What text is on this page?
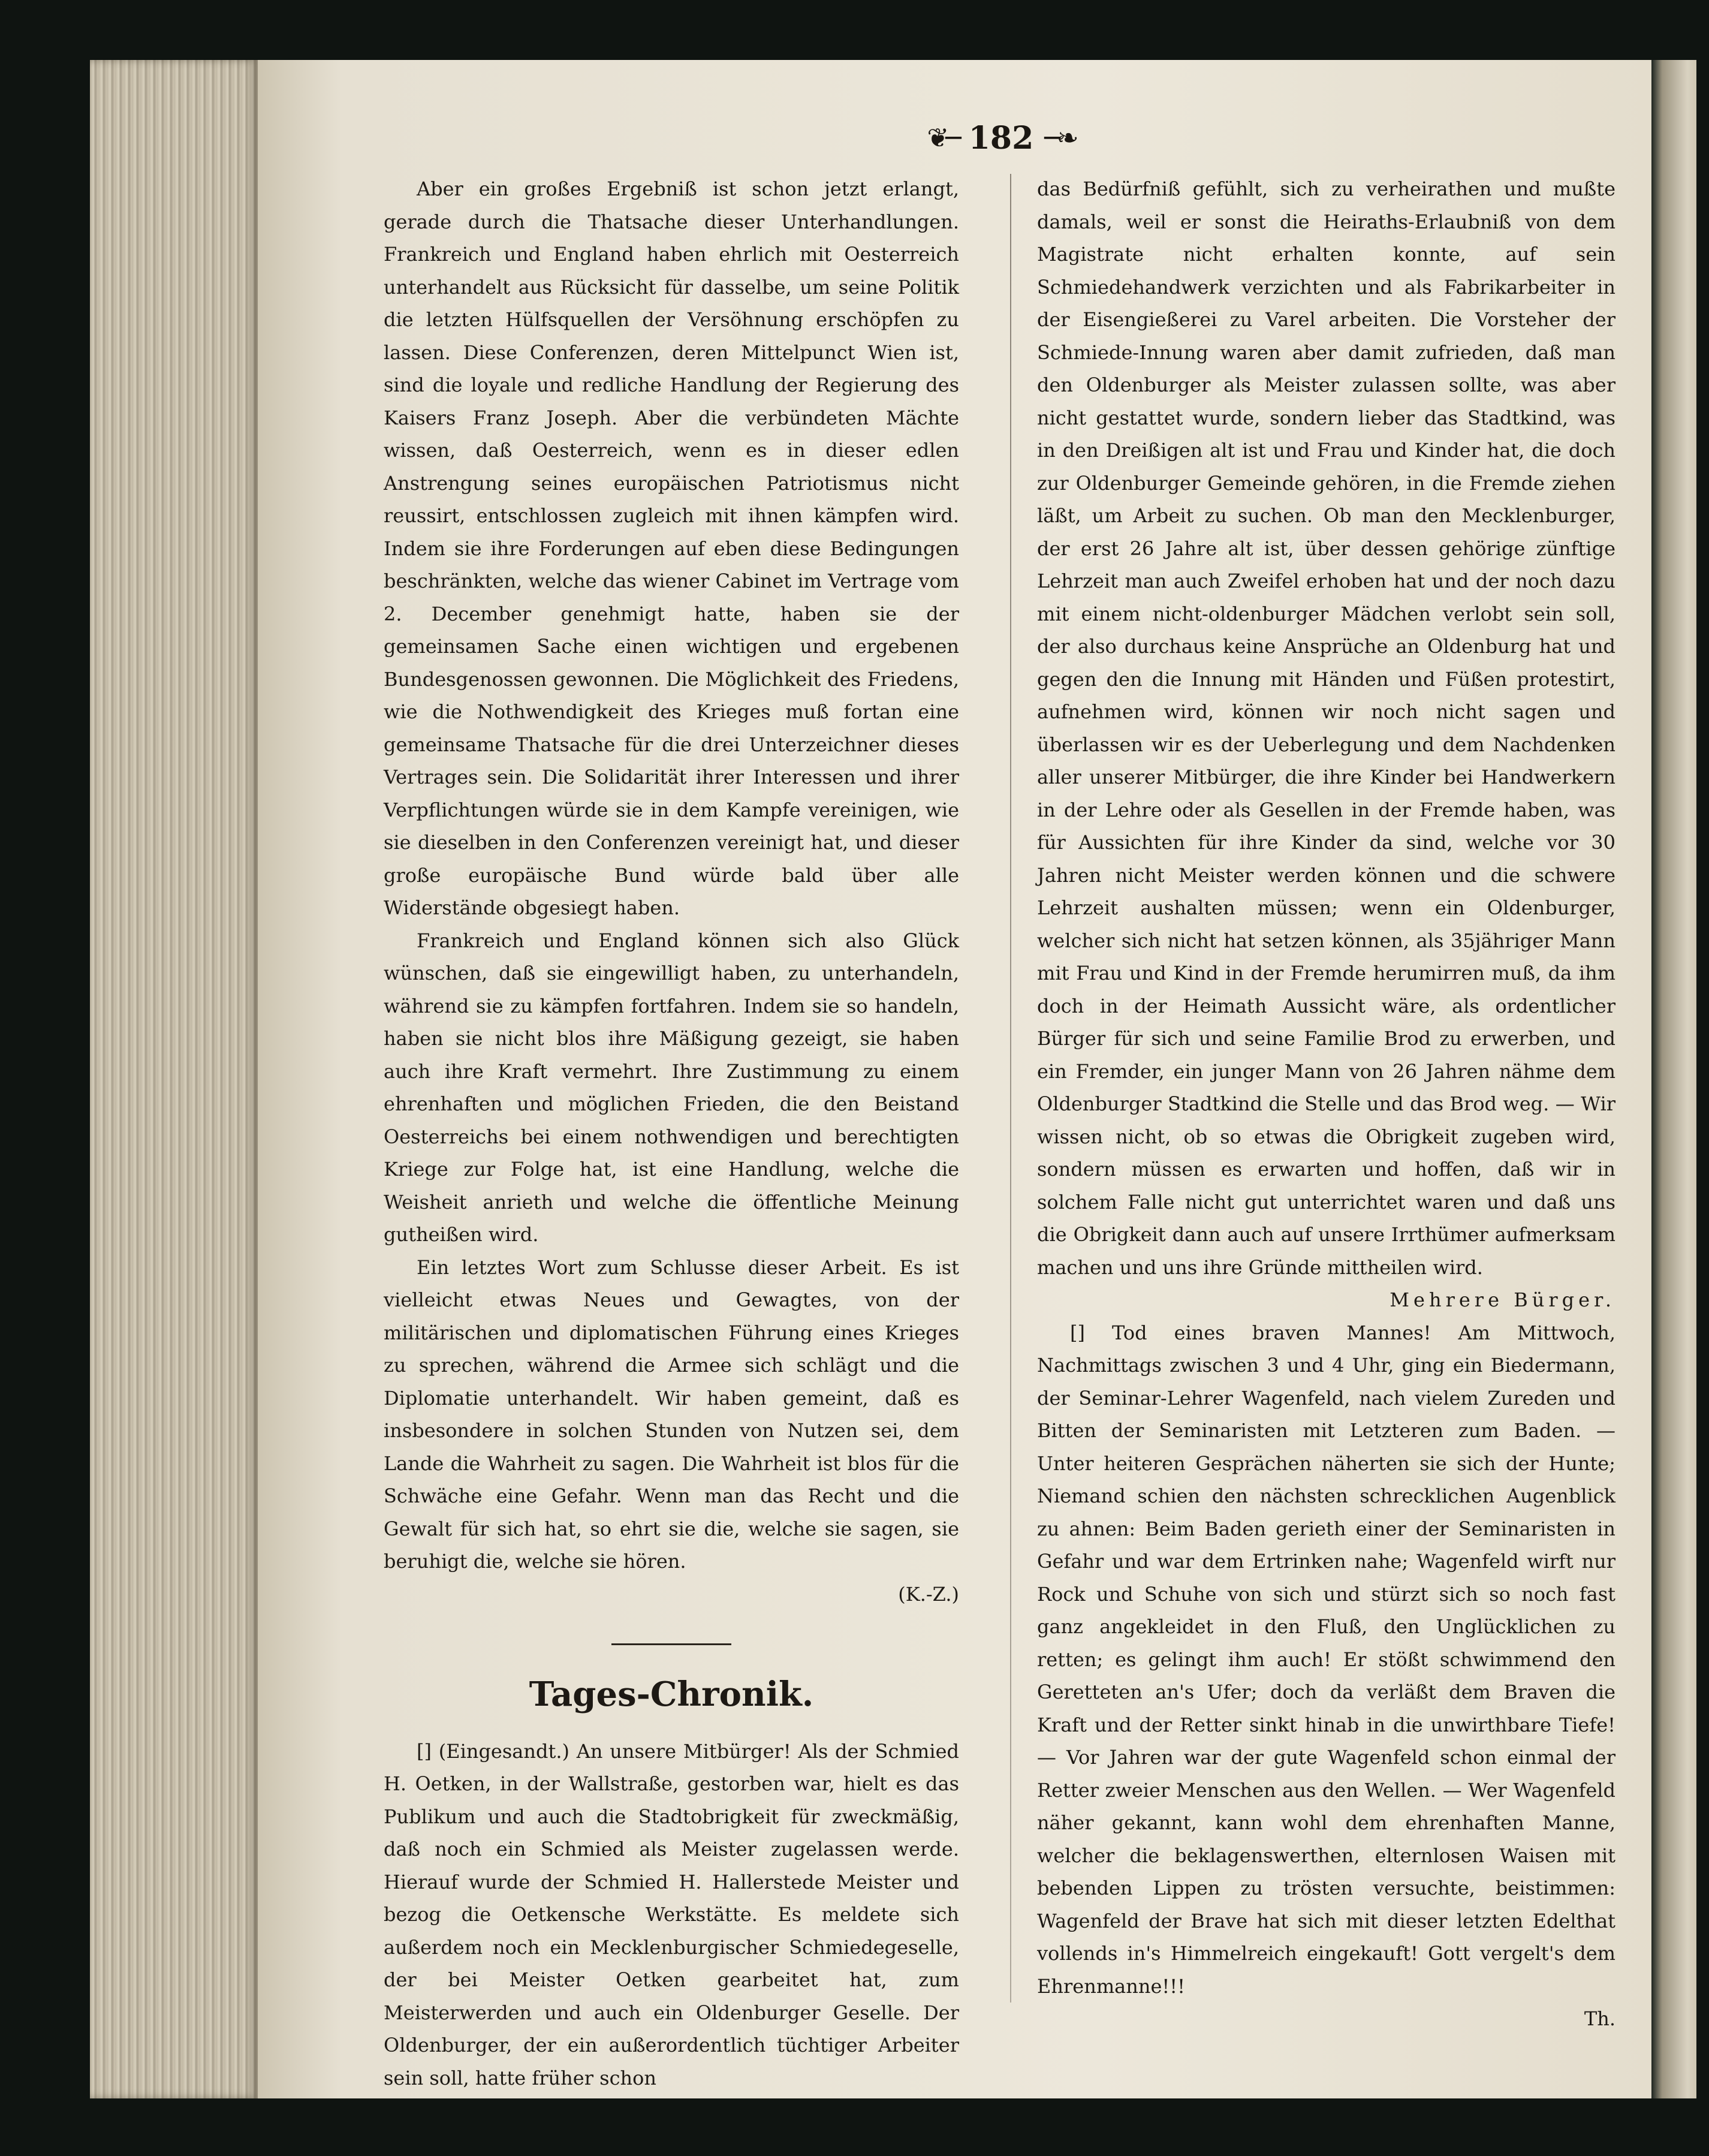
❦─ 182 ─❧

Aber ein großes Ergebniß ist schon jetzt erlangt, gerade durch die Thatsache dieser Unterhandlungen. Frankreich und England haben ehrlich mit Oesterreich unterhandelt aus Rücksicht für dasselbe, um seine Politik die letzten Hülfsquellen der Versöhnung erschöpfen zu lassen. Diese Conferenzen, deren Mittelpunct Wien ist, sind die loyale und redliche Handlung der Regierung des Kaisers Franz Joseph. Aber die verbündeten Mächte wissen, daß Oesterreich, wenn es in dieser edlen Anstrengung seines europäischen Patriotismus nicht reussirt, entschlossen zugleich mit ihnen kämpfen wird. Indem sie ihre Forderungen auf eben diese Bedingungen beschränkten, welche das wiener Cabinet im Vertrage vom 2. December genehmigt hatte, haben sie der gemeinsamen Sache einen wichtigen und ergebenen Bundesgenossen gewonnen. Die Möglichkeit des Friedens, wie die Nothwendigkeit des Krieges muß fortan eine gemeinsame Thatsache für die drei Unterzeichner dieses Vertrages sein. Die Solidarität ihrer Interessen und ihrer Verpflichtungen würde sie in dem Kampfe vereinigen, wie sie dieselben in den Conferenzen vereinigt hat, und dieser große europäische Bund würde bald über alle Widerstände obgesiegt haben.

Frankreich und England können sich also Glück wünschen, daß sie eingewilligt haben, zu unterhandeln, während sie zu kämpfen fortfahren. Indem sie so handeln, haben sie nicht blos ihre Mäßigung gezeigt, sie haben auch ihre Kraft vermehrt. Ihre Zustimmung zu einem ehrenhaften und möglichen Frieden, die den Beistand Oesterreichs bei einem nothwendigen und berechtigten Kriege zur Folge hat, ist eine Handlung, welche die Weisheit anrieth und welche die öffentliche Meinung gutheißen wird.

Ein letztes Wort zum Schlusse dieser Arbeit. Es ist vielleicht etwas Neues und Gewagtes, von der militärischen und diplomatischen Führung eines Krieges zu sprechen, während die Armee sich schlägt und die Diplomatie unterhandelt. Wir haben gemeint, daß es insbesondere in solchen Stunden von Nutzen sei, dem Lande die Wahrheit zu sagen. Die Wahrheit ist blos für die Schwäche eine Gefahr. Wenn man das Recht und die Gewalt für sich hat, so ehrt sie die, welche sie sagen, sie beruhigt die, welche sie hören.

(K.-Z.)

Tages-Chronik.

[] (Eingesandt.) An unsere Mitbürger! Als der Schmied H. Oetken, in der Wallstraße, gestorben war, hielt es das Publikum und auch die Stadtobrigkeit für zweckmäßig, daß noch ein Schmied als Meister zugelassen werde. Hierauf wurde der Schmied H. Hallerstede Meister und bezog die Oetkensche Werkstätte. Es meldete sich außerdem noch ein Mecklenburgischer Schmiedegeselle, der bei Meister Oetken gearbeitet hat, zum Meisterwerden und auch ein Oldenburger Geselle. Der Oldenburger, der ein außerordentlich tüchtiger Arbeiter sein soll, hatte früher schon

das Bedürfniß gefühlt, sich zu verheirathen und mußte damals, weil er sonst die Heiraths-Erlaubniß von dem Magistrate nicht erhalten konnte, auf sein Schmiedehandwerk verzichten und als Fabrikarbeiter in der Eisengießerei zu Varel arbeiten. Die Vorsteher der Schmiede-Innung waren aber damit zufrieden, daß man den Oldenburger als Meister zulassen sollte, was aber nicht gestattet wurde, sondern lieber das Stadtkind, was in den Dreißigen alt ist und Frau und Kinder hat, die doch zur Oldenburger Gemeinde gehören, in die Fremde ziehen läßt, um Arbeit zu suchen. Ob man den Mecklenburger, der erst 26 Jahre alt ist, über dessen gehörige zünftige Lehrzeit man auch Zweifel erhoben hat und der noch dazu mit einem nicht-oldenburger Mädchen verlobt sein soll, der also durchaus keine Ansprüche an Oldenburg hat und gegen den die Innung mit Händen und Füßen protestirt, aufnehmen wird, können wir noch nicht sagen und überlassen wir es der Ueberlegung und dem Nachdenken aller unserer Mitbürger, die ihre Kinder bei Handwerkern in der Lehre oder als Gesellen in der Fremde haben, was für Aussichten für ihre Kinder da sind, welche vor 30 Jahren nicht Meister werden können und die schwere Lehrzeit aushalten müssen; wenn ein Oldenburger, welcher sich nicht hat setzen können, als 35jähriger Mann mit Frau und Kind in der Fremde herumirren muß, da ihm doch in der Heimath Aussicht wäre, als ordentlicher Bürger für sich und seine Familie Brod zu erwerben, und ein Fremder, ein junger Mann von 26 Jahren nähme dem Oldenburger Stadtkind die Stelle und das Brod weg. — Wir wissen nicht, ob so etwas die Obrigkeit zugeben wird, sondern müssen es erwarten und hoffen, daß wir in solchem Falle nicht gut unterrichtet waren und daß uns die Obrigkeit dann auch auf unsere Irrthümer aufmerksam machen und uns ihre Gründe mittheilen wird.

Mehrere Bürger.

[] Tod eines braven Mannes! Am Mittwoch, Nachmittags zwischen 3 und 4 Uhr, ging ein Biedermann, der Seminar-Lehrer Wagenfeld, nach vielem Zureden und Bitten der Seminaristen mit Letzteren zum Baden. — Unter heiteren Gesprächen näherten sie sich der Hunte; Niemand schien den nächsten schrecklichen Augenblick zu ahnen: Beim Baden gerieth einer der Seminaristen in Gefahr und war dem Ertrinken nahe; Wagenfeld wirft nur Rock und Schuhe von sich und stürzt sich so noch fast ganz angekleidet in den Fluß, den Unglücklichen zu retten; es gelingt ihm auch! Er stößt schwimmend den Geretteten an's Ufer; doch da verläßt dem Braven die Kraft und der Retter sinkt hinab in die unwirthbare Tiefe! — Vor Jahren war der gute Wagenfeld schon einmal der Retter zweier Menschen aus den Wellen. — Wer Wagenfeld näher gekannt, kann wohl dem ehrenhaften Manne, welcher die beklagenswerthen, elternlosen Waisen mit bebenden Lippen zu trösten versuchte, beistimmen: Wagenfeld der Brave hat sich mit dieser letzten Edelthat vollends in's Himmelreich eingekauft! Gott vergelt's dem Ehrenmanne!!!

Th.
